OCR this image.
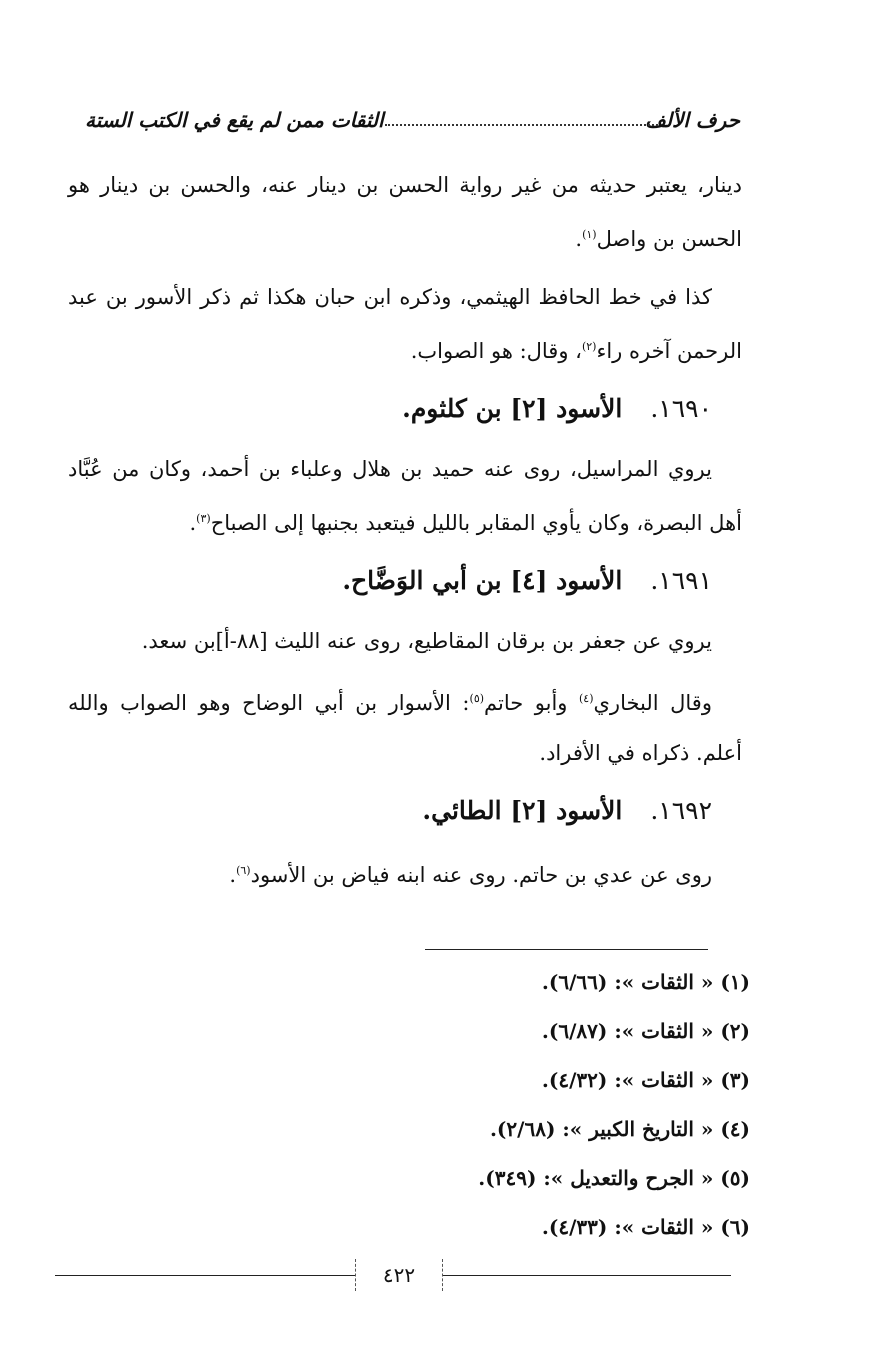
حرف الألف
الثقات ممن لم يقع في الكتب الستة

دينار، يعتبر حديثه من غير رواية الحسن بن دينار عنه، والحسن بن دينار هو الحسن بن واصل$^{(١)}$.

كذا في خط الحافظ الهيثمي، وذكره ابن حبان هكذا ثم ذكر الأسور بن عبد الرحمن آخره راء$^{(٢)}$، وقال: هو الصواب.

١٦٩٠.الأسود [٢] بن كلثوم.

يروي المراسيل، روى عنه حميد بن هلال وعلباء بن أحمد، وكان من عُبَّاد أهل البصرة، وكان يأوي المقابر بالليل فيتعبد بجنبها إلى الصباح$^{(٣)}$.

١٦٩١.الأسود [٤] بن أبي الوَضَّاح.

يروي عن جعفر بن برقان المقاطيع، روى عنه الليث [٨٨-أ]بن سعد.

وقال البخاري$^{(٤)}$ وأبو حاتم$^{(٥)}$: الأسوار بن أبي الوضاح وهو الصواب والله أعلم. ذكراه في الأفراد.

١٦٩٢.الأسود [٢] الطائي.

روى عن عدي بن حاتم. روى عنه ابنه فياض بن الأسود$^{(٦)}$.

(١) « الثقات »: (٦/٦٦).
(٢) « الثقات »: (٦/٨٧).
(٣) « الثقات »: (٤/٣٢).
(٤) « التاريخ الكبير »: (٢/٦٨).
(٥) « الجرح والتعديل »: (٣٤٩).
(٦) « الثقات »: (٤/٣٣).
٤٢٢
